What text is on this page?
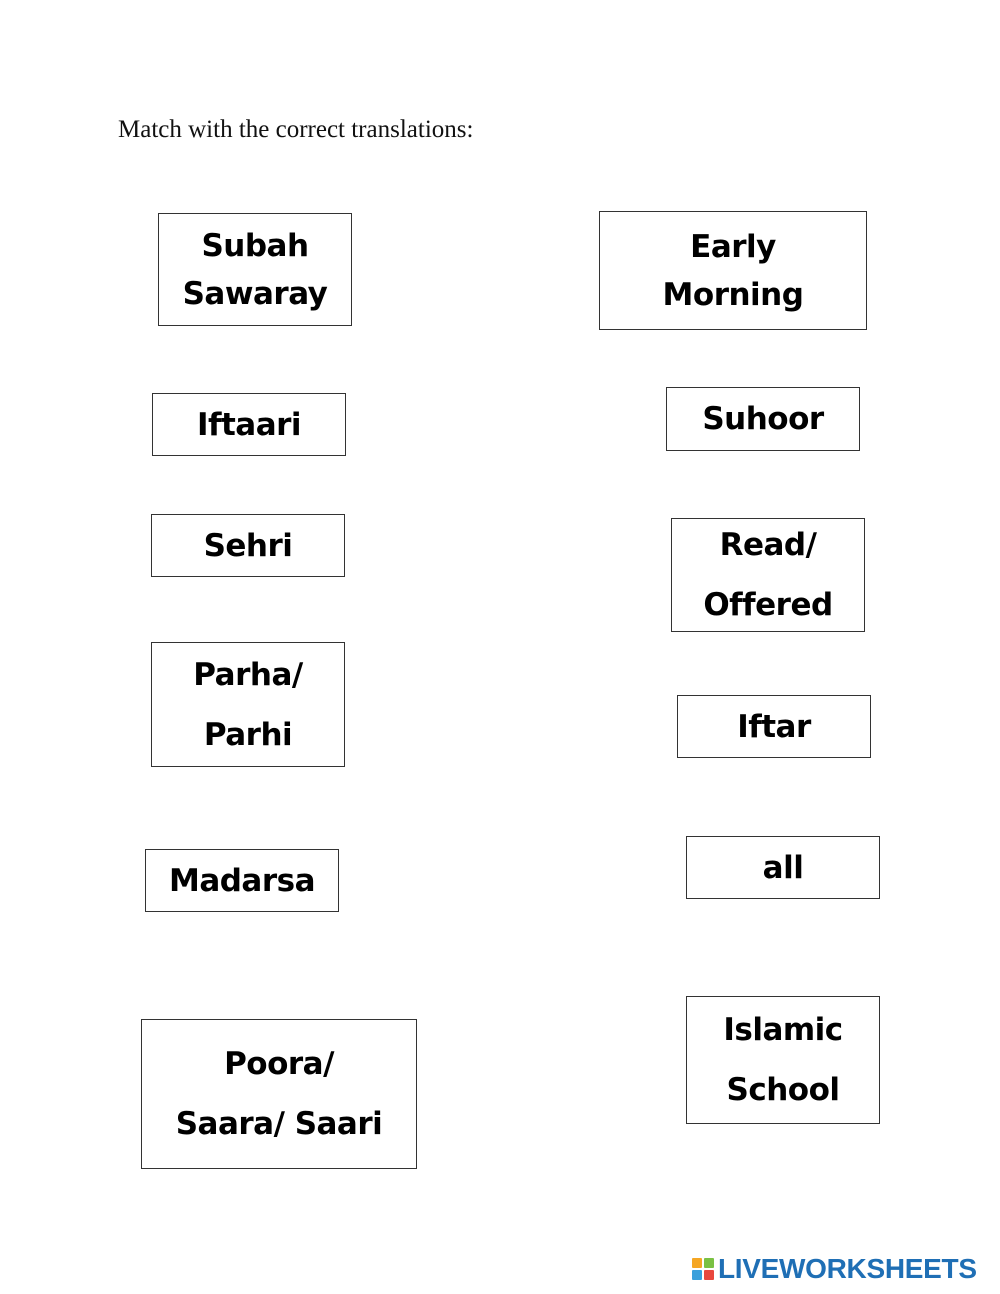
Match with the correct translations:
Subah
Sawaray
Iftaari
Sehri
Parha/
Parhi
Madarsa
Poora/
Saara/ Saari
Early
Morning
Suhoor
Read/
Offered
Iftar
all
Islamic
School
LIVEWORKSHEETS
